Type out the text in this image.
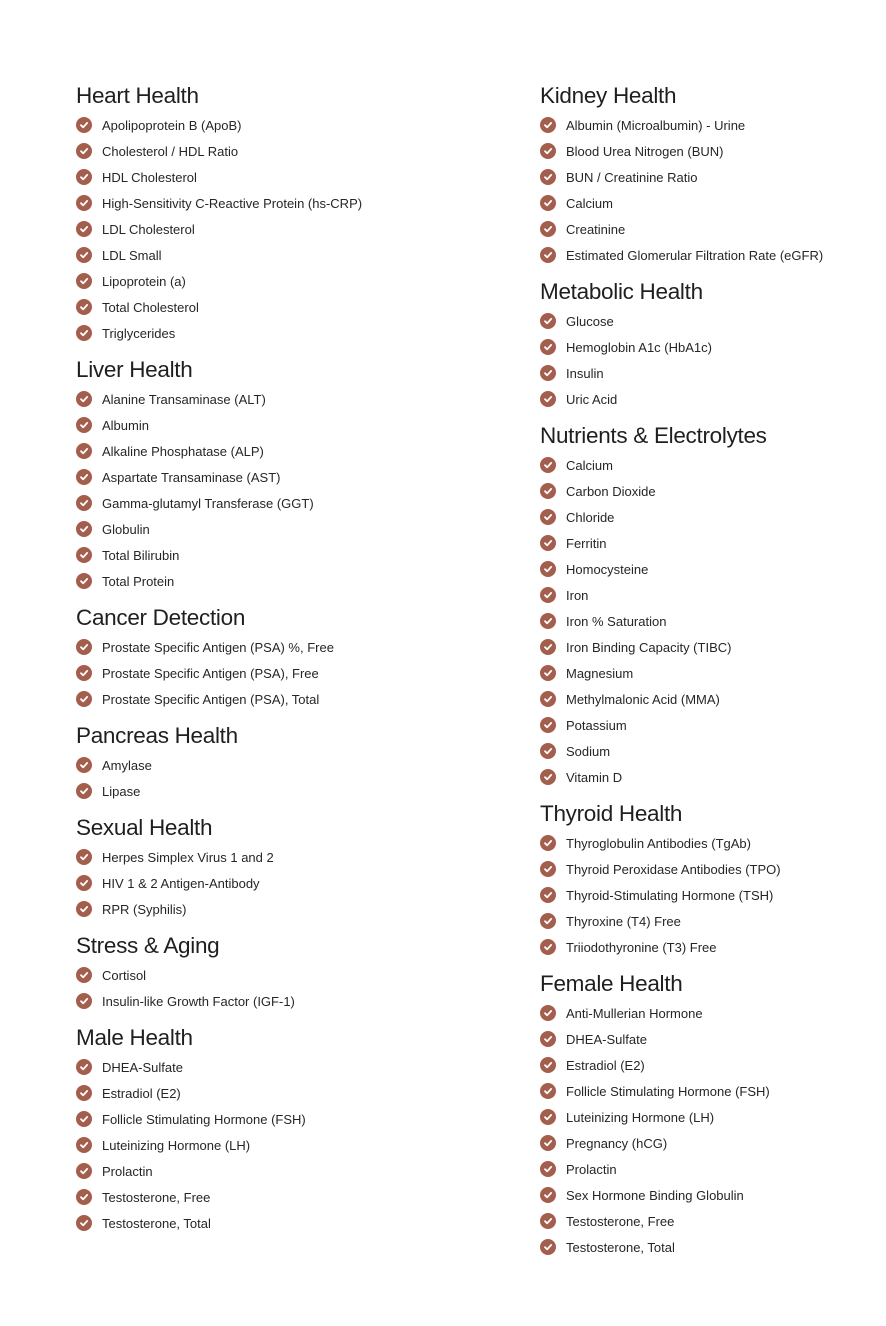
Heart Health
Apolipoprotein B (ApoB)
Cholesterol / HDL Ratio
HDL Cholesterol
High-Sensitivity C-Reactive Protein (hs-CRP)
LDL Cholesterol
LDL Small
Lipoprotein (a)
Total Cholesterol
Triglycerides
Liver Health
Alanine Transaminase (ALT)
Albumin
Alkaline Phosphatase (ALP)
Aspartate Transaminase (AST)
Gamma-glutamyl Transferase (GGT)
Globulin
Total Bilirubin
Total Protein
Cancer Detection
Prostate Specific Antigen (PSA) %, Free
Prostate Specific Antigen (PSA), Free
Prostate Specific Antigen (PSA), Total
Pancreas Health
Amylase
Lipase
Sexual Health
Herpes Simplex Virus 1 and 2
HIV 1 & 2 Antigen-Antibody
RPR (Syphilis)
Stress & Aging
Cortisol
Insulin-like Growth Factor (IGF-1)
Male Health
DHEA-Sulfate
Estradiol (E2)
Follicle Stimulating Hormone (FSH)
Luteinizing Hormone (LH)
Prolactin
Testosterone, Free
Testosterone, Total
Kidney Health
Albumin (Microalbumin) - Urine
Blood Urea Nitrogen (BUN)
BUN / Creatinine Ratio
Calcium
Creatinine
Estimated Glomerular Filtration Rate (eGFR)
Metabolic Health
Glucose
Hemoglobin A1c (HbA1c)
Insulin
Uric Acid
Nutrients & Electrolytes
Calcium
Carbon Dioxide
Chloride
Ferritin
Homocysteine
Iron
Iron % Saturation
Iron Binding Capacity (TIBC)
Magnesium
Methylmalonic Acid (MMA)
Potassium
Sodium
Vitamin D
Thyroid Health
Thyroglobulin Antibodies (TgAb)
Thyroid Peroxidase Antibodies (TPO)
Thyroid-Stimulating Hormone (TSH)
Thyroxine (T4) Free
Triiodothyronine (T3) Free
Female Health
Anti-Mullerian Hormone
DHEA-Sulfate
Estradiol (E2)
Follicle Stimulating Hormone (FSH)
Luteinizing Hormone (LH)
Pregnancy (hCG)
Prolactin
Sex Hormone Binding Globulin
Testosterone, Free
Testosterone, Total
